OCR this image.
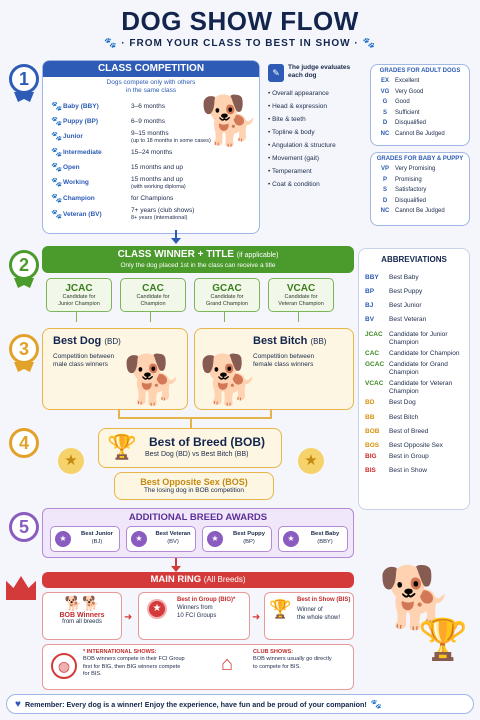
DOG SHOW FLOW
🐾 · FROM YOUR CLASS TO BEST IN SHOW · 🐾
1	CLASS COMPETITION
Dogs compete only with others
in the same class
🐾 Baby (BBY)	3–6 months
🐾 Puppy (BP)	6–9 months
🐾 Junior	9–15 months
(up to 18 months in some cases)
🐾 Intermediate	15–24 months
🐾 Open	15 months and up
🐾 Working	15 months and up
(with working diploma)
🐾 Champion	for Champions
🐾 Veteran (BV)	7+ years (club shows)
8+ years (international)
🐕
✎
The judge evaluates
each dog
• Overall appearance
• Head & expression
• Bite & teeth
• Topline & body
• Angulation & structure
• Movement (gait)
• Temperament
• Coat & condition
GRADES FOR ADULT DOGS
EX	Excellent
VG Very Good
G	Good
S	Sufficient
D	Disqualified
NC Cannot Be Judged
GRADES FOR BABY & PUPPY
VP	Very Promising
P	Promising
S	Satisfactory
D	Disqualified
NC Cannot Be Judged
2	CLASS WINNER + TITLE (if applicable)
Only the dog placed 1st in the class can receive a title
JCAC
Candidate for
Junior Champion
CAC
Candidate for
Champion
GCAC
Candidate for
Grand Champion
VCAC
Candidate for
Veteran Champion
ABBREVIATIONS
BBY	Best Baby
BP	Best Puppy
BJ	Best Junior
BV	Best Veteran
JCAC Candidate for Junior Champion
CAC	Candidate for Champion
GCAC Candidate for Grand Champion
VCAC Candidate for Veteran Champion
BD	Best Dog
BB	Best Bitch
BOB	Best of Breed
BOS	Best Opposite Sex
BIG	Best in Group
BIS	Best in Show
3	Best Dog (BD)
Competition between
male class winners 🐕 🐕
Best Bitch (BB)
Competition between
female class winners
4
★	★
🏆	Best of Breed (BOB)
Best Dog (BD) vs Best Bitch (BB)
Best Opposite Sex (BOS)
The losing dog in BOB competition
5	ADDITIONAL BREED AWARDS
★	Best Junior
(BJ)	★	Best Veteran
(BV)	★	Best Puppy
(BP)	★	Best Baby
(BBY)
MAIN RING (All Breeds)
🐕🐕
BOB Winners
from all breeds	➜
★
Best in Group (BIG)*
Winners from
10 FCI Groups	➜ 🏆 Best in Show (BIS)
Winner of
the whole show!
◍
* INTERNATIONAL SHOWS:
BOB winners compete in their FCI Group
first for BIG, then BIG winners compete
for BIS.	⌂
CLUB SHOWS:
BOB winners usually go directly
to compete for BIS.
🐕
🏆
♥ Remember: Every dog is a winner! Enjoy the experience, have fun and be proud of your companion! 🐾
